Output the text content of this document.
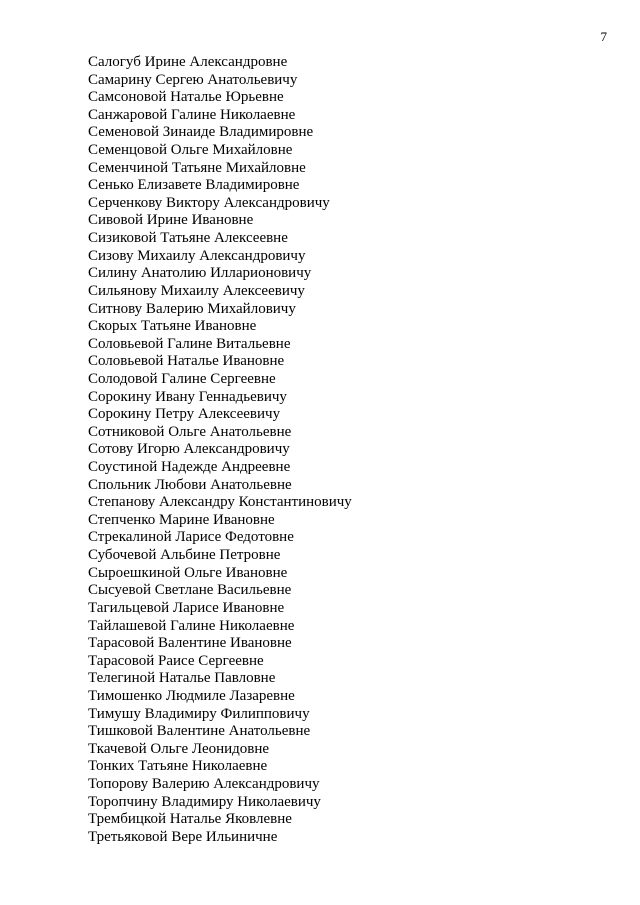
7
Салогуб Ирине Александровне
Самарину Сергею Анатольевичу
Самсоновой Наталье Юрьевне
Санжаровой Галине Николаевне
Семеновой Зинаиде Владимировне
Семенцовой Ольге Михайловне
Семенчиной Татьяне Михайловне
Сенько Елизавете Владимировне
Серченкову Виктору Александровичу
Сивовой Ирине Ивановне
Сизиковой Татьяне Алексеевне
Сизову Михаилу Александровичу
Силину Анатолию Илларионовичу
Сильянову Михаилу Алексеевичу
Ситнову Валерию Михайловичу
Скорых Татьяне Ивановне
Соловьевой Галине Витальевне
Соловьевой Наталье Ивановне
Солодовой Галине Сергеевне
Сорокину Ивану Геннадьевичу
Сорокину Петру Алексеевичу
Сотниковой Ольге Анатольевне
Сотову Игорю Александровичу
Соустиной Надежде Андреевне
Спольник Любови Анатольевне
Степанову Александру Константиновичу
Степченко Марине Ивановне
Стрекалиной Ларисе Федотовне
Субочевой Альбине Петровне
Сыроешкиной Ольге Ивановне
Сысуевой Светлане Васильевне
Тагильцевой Ларисе Ивановне
Тайлашевой Галине Николаевне
Тарасовой Валентине Ивановне
Тарасовой Раисе Сергеевне
Телегиной Наталье Павловне
Тимошенко Людмиле Лазаревне
Тимушу Владимиру Филипповичу
Тишковой Валентине Анатольевне
Ткачевой Ольге Леонидовне
Тонких Татьяне Николаевне
Топорову Валерию Александровичу
Торопчину Владимиру Николаевичу
Трембицкой Наталье Яковлевне
Третьяковой Вере Ильиничне
